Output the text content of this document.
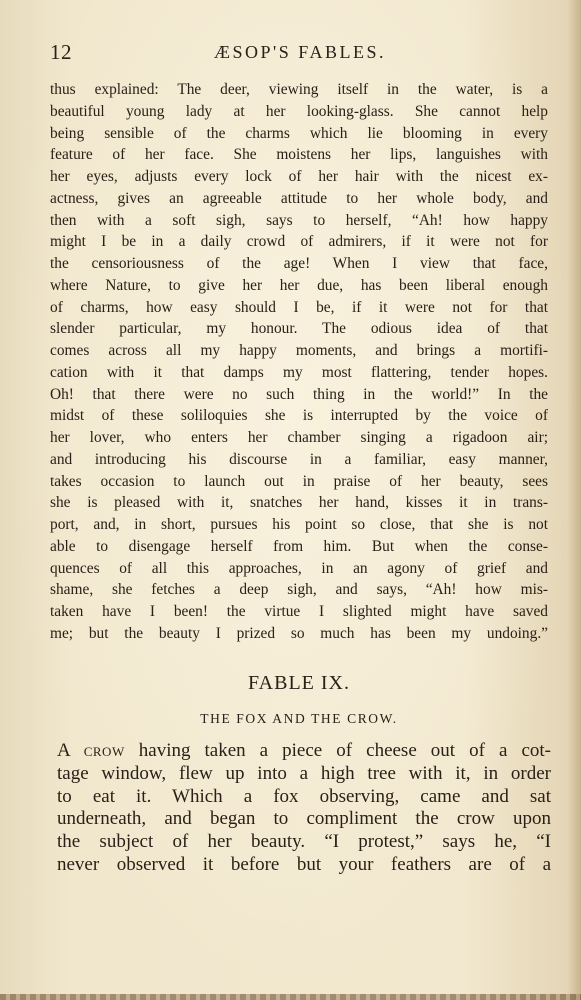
12	ÆSOP'S FABLES.
thus explained: The deer, viewing itself in the water, is a
beautiful young lady at her looking-glass. She cannot help
being sensible of the charms which lie blooming in every
feature of her face. She moistens her lips, languishes with
her eyes, adjusts every lock of her hair with the nicest ex-
actness, gives an agreeable attitude to her whole body, and
then with a soft sigh, says to herself, “Ah! how happy
might I be in a daily crowd of admirers, if it were not for
the censoriousness of the age! When I view that face,
where Nature, to give her her due, has been liberal enough
of charms, how easy should I be, if it were not for that
slender particular, my honour. The odious idea of that
comes across all my happy moments, and brings a mortifi-
cation with it that damps my most flattering, tender hopes.
Oh! that there were no such thing in the world!” In the
midst of these soliloquies she is interrupted by the voice of
her lover, who enters her chamber singing a rigadoon air;
and introducing his discourse in a familiar, easy manner,
takes occasion to launch out in praise of her beauty, sees
she is pleased with it, snatches her hand, kisses it in trans-
port, and, in short, pursues his point so close, that she is not
able to disengage herself from him. But when the conse-
quences of all this approaches, in an agony of grief and
shame, she fetches a deep sigh, and says, “Ah! how mis-
taken have I been! the virtue I slighted might have saved
me; but the beauty I prized so much has been my undoing.”
FABLE IX.
THE FOX AND THE CROW.
A crow having taken a piece of cheese out of a cot-
tage window, flew up into a high tree with it, in order
to eat it. Which a fox observing, came and sat
underneath, and began to compliment the crow upon
the subject of her beauty. “I protest,” says he, “I
never observed it before but your feathers are of a
